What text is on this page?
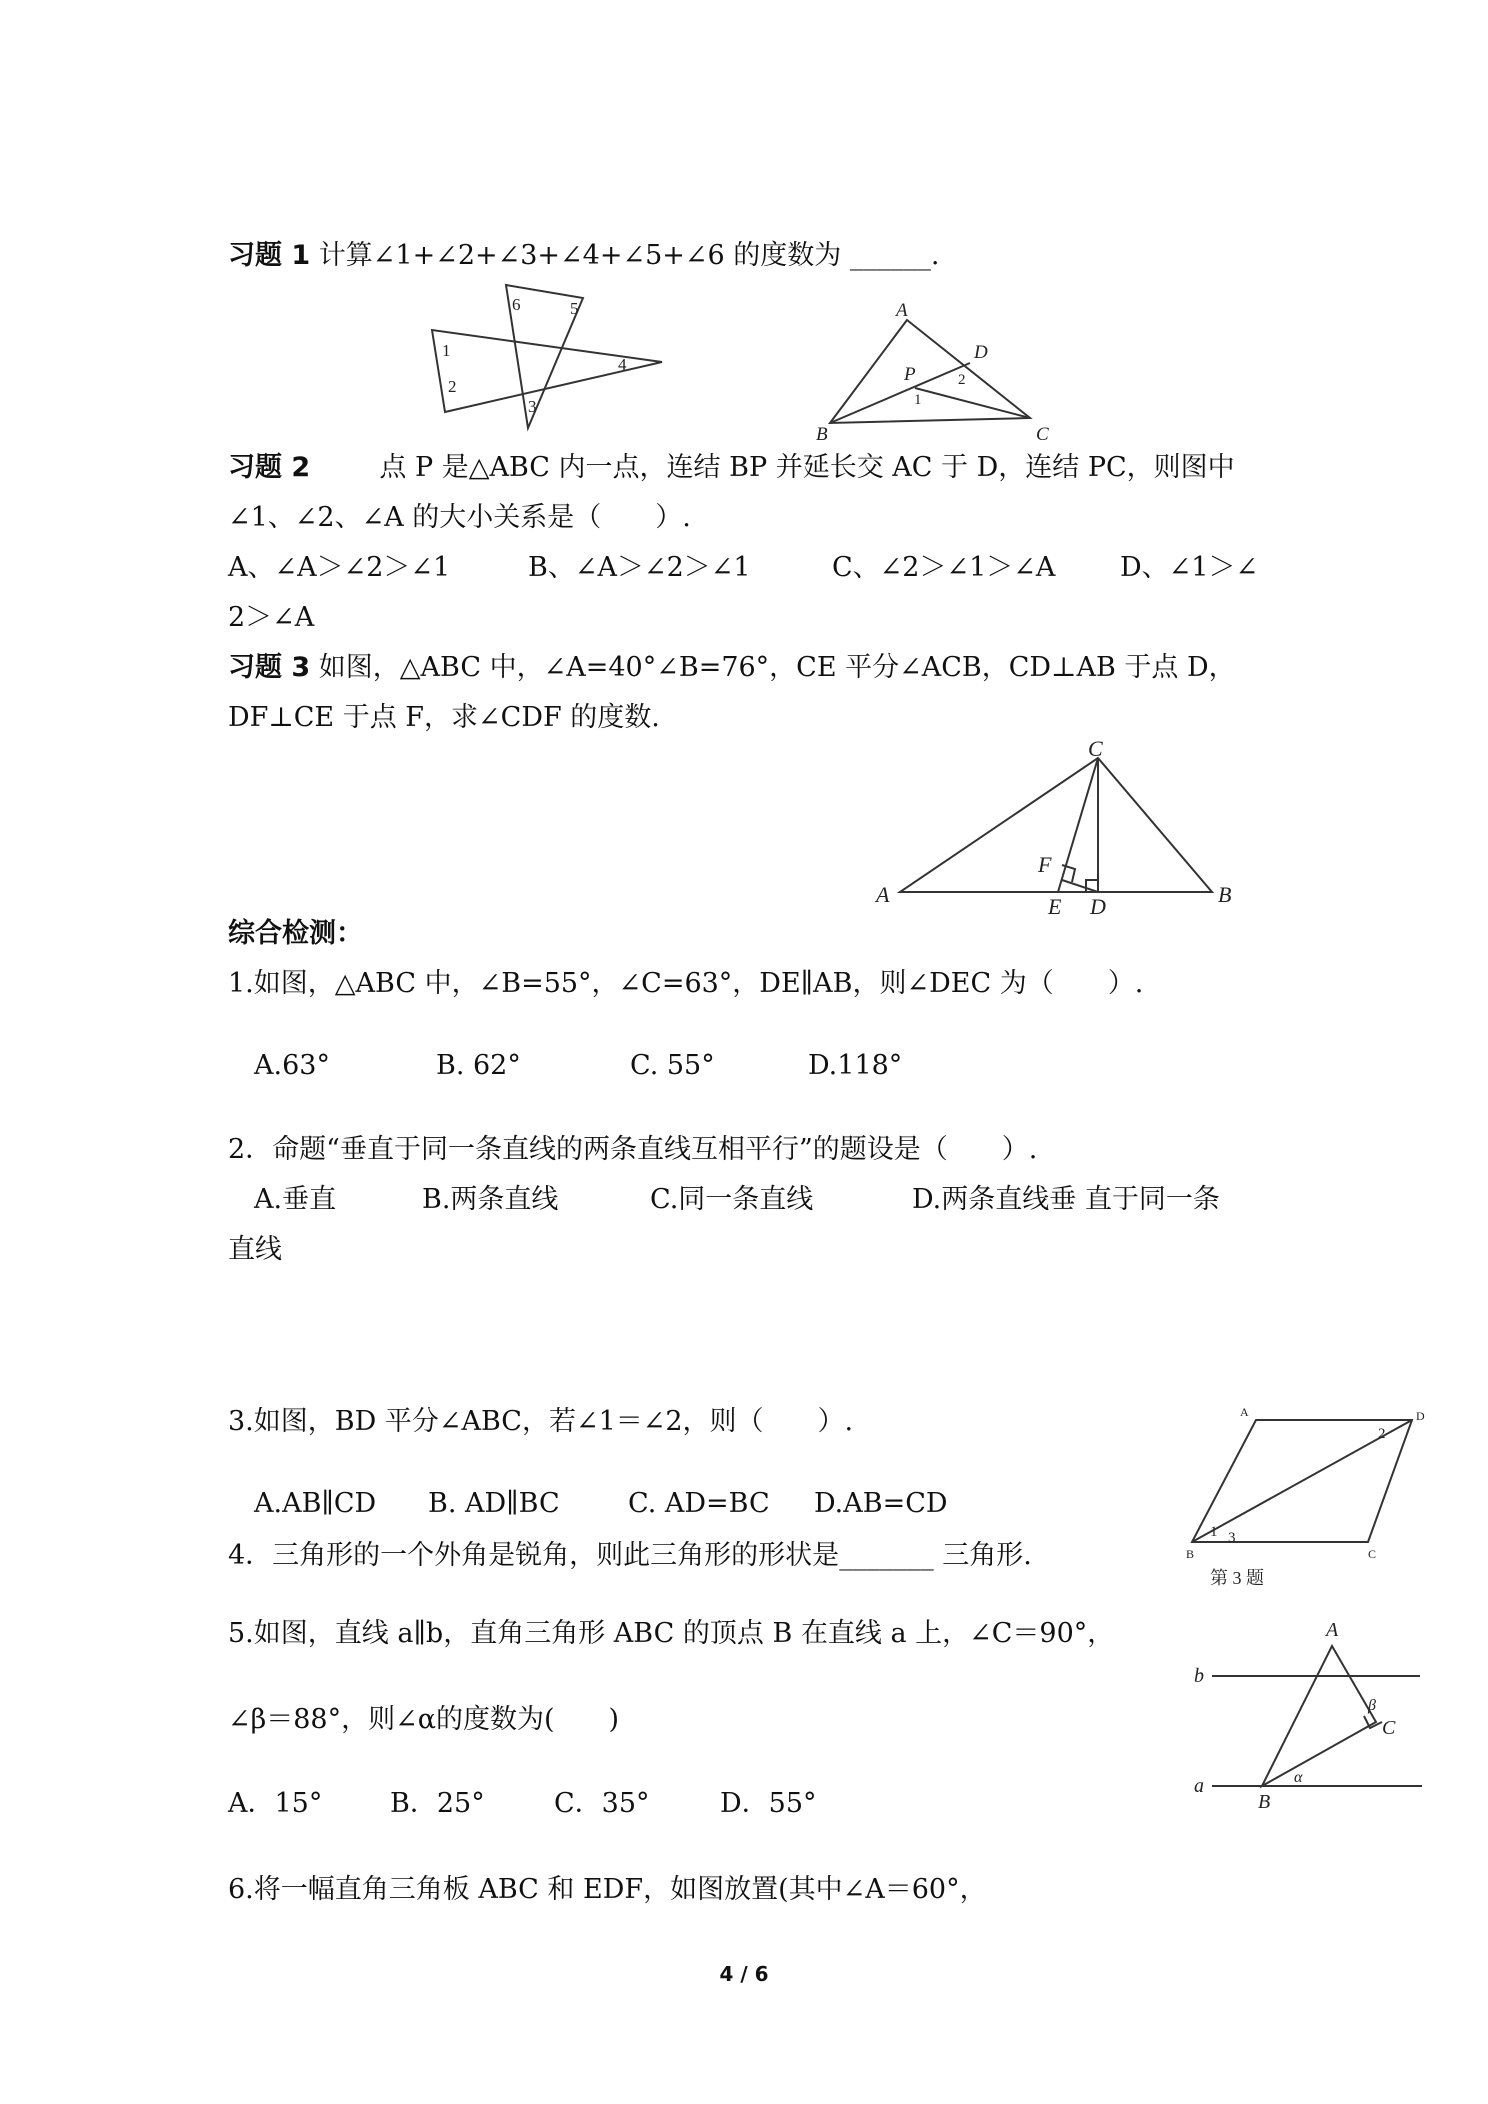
习题 1 计算∠1+∠2+∠3+∠4+∠5+∠6 的度数为 ______.
1
2
3
4
5
6	A
B	C
D
P
1
2
习题 2	点 P 是△ABC 内一点，连结 BP 并延长交 AC 于 D，连结 PC，则图中
∠1、∠2、∠A 的大小关系是（　　）.
A、∠A＞∠2＞∠1	B、∠A＞∠2＞∠1	C、∠2＞∠1＞∠A D、∠1＞∠
2＞∠A
习题 3 如图，△ABC 中，∠A=40°∠B=76°，CE 平分∠ACB，CD⊥AB 于点 D，
DF⊥CE 于点 F，求∠CDF 的度数.
C
A	B
F
E D
综合检测：
1.如图，△ABC 中，∠B=55°，∠C=63°，DE∥AB，则∠DEC 为（　　）.
A.63°	B. 62°	C. 55°	D.118°
2．命题“垂直于同一条直线的两条直线互相平行”的题设是（　　）.
A.垂直	B.两条直线	C.同一条直线	D.两条直线垂 直于同一条
直线
3.如图，BD 平分∠ABC，若∠1＝∠2，则（　　）.
A.AB∥CD B. AD∥BC	C. AD=BC D.AB=CD
A	D
B	C
1
2
3
第 3 题
4．三角形的一个外角是锐角，则此三角形的形状是_______ 三角形.
5.如图，直线 a∥b，直角三角形 ABC 的顶点 B 在直线 a 上，∠C＝90°，
∠β＝88°，则∠α的度数为(　　)
A．15°	B．25°	C．35°	D．55°
A
b
β
C
a
B
α
6.将一幅直角三角板 ABC 和 EDF，如图放置(其中∠A＝60°，
4 / 6
